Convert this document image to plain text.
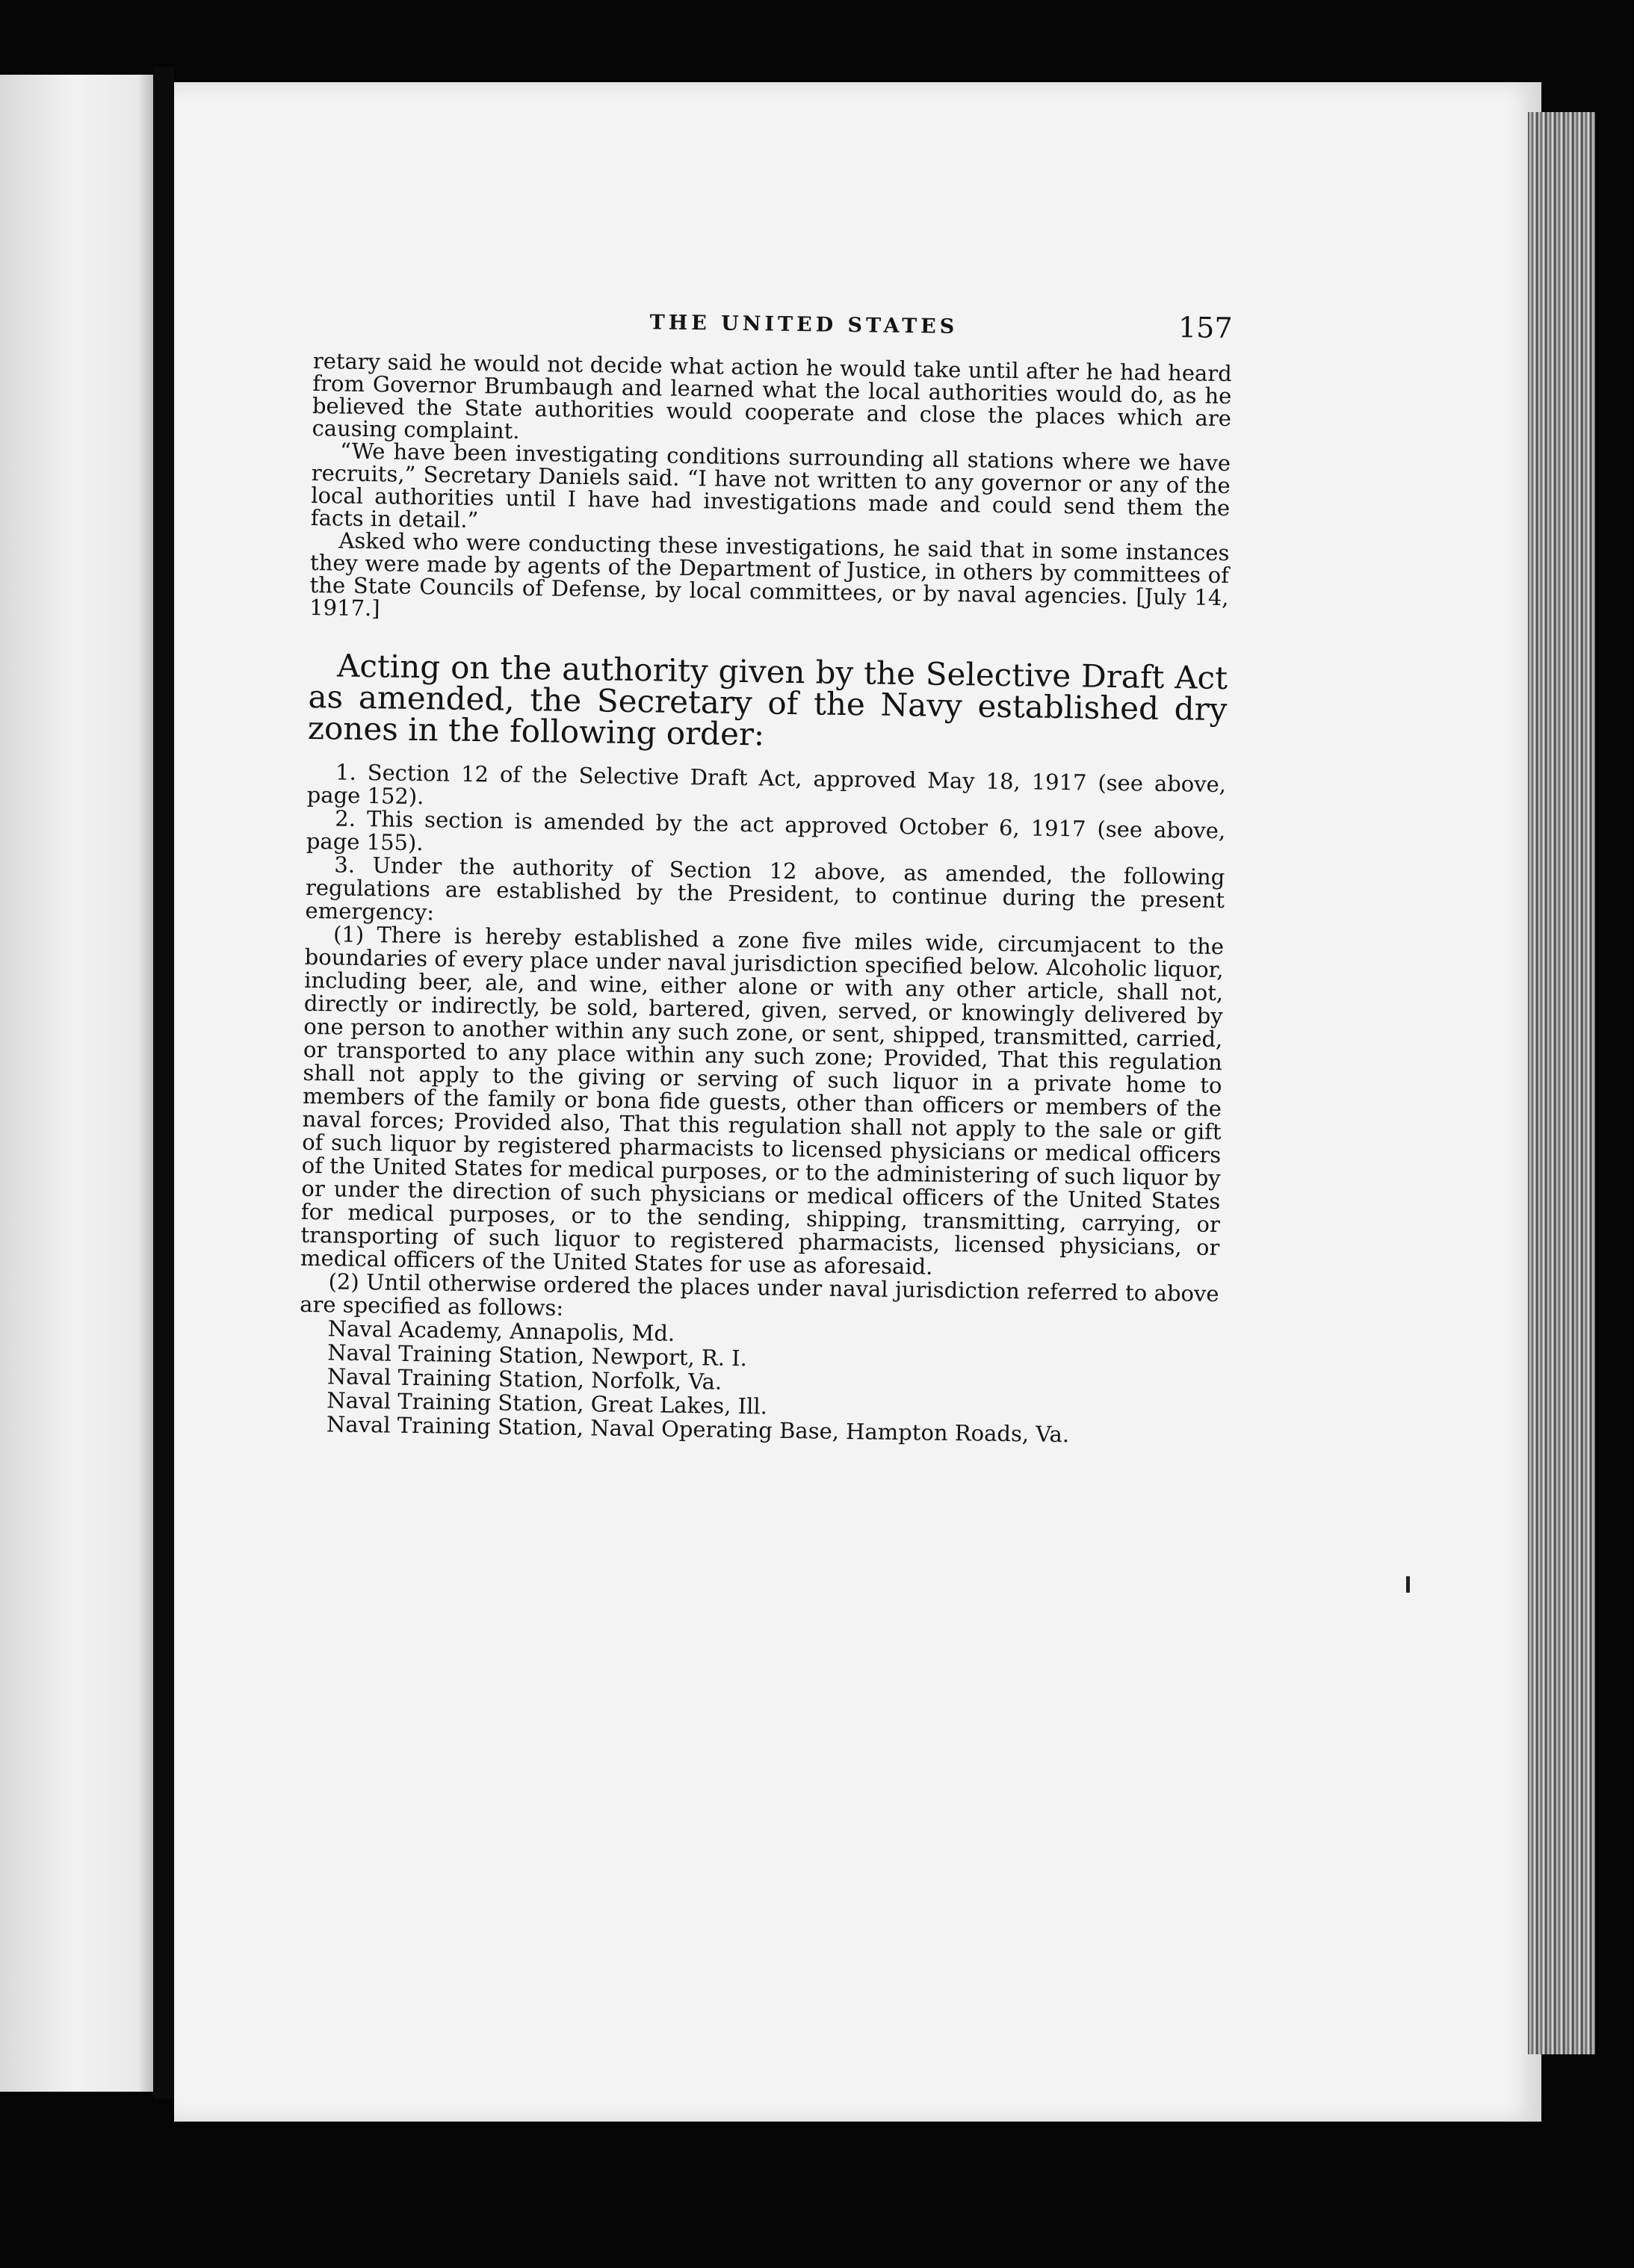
THE UNITED STATES	157

retary said he would not decide what action he would take until after he had heard from Governor Brumbaugh and learned what the local authorities would do, as he believed the State authorities would cooperate and close the places which are causing complaint.

“We have been investigating conditions surrounding all stations where we have recruits,” Secretary Daniels said. “I have not written to any governor or any of the local authorities until I have had investigations made and could send them the facts in detail.”

Asked who were conducting these investigations, he said that in some instances they were made by agents of the Department of Justice, in others by committees of the State Councils of Defense, by local committees, or by naval agencies. [July 14, 1917.]

Acting on the authority given by the Selective Draft Act as amended, the Secretary of the Navy established dry zones in the following order:

1. Section 12 of the Selective Draft Act, approved May 18, 1917 (see above, page 152).

2. This section is amended by the act approved October 6, 1917 (see above, page 155).

3. Under the authority of Section 12 above, as amended, the following regulations are established by the President, to continue during the present emergency:

(1) There is hereby established a zone five miles wide, circumjacent to the boundaries of every place under naval jurisdiction specified below. Alcoholic liquor, including beer, ale, and wine, either alone or with any other article, shall not, directly or indirectly, be sold, bartered, given, served, or knowingly delivered by one person to another within any such zone, or sent, shipped, transmitted, carried, or transported to any place within any such zone; Provided, That this regulation shall not apply to the giving or serving of such liquor in a private home to members of the family or bona fide guests, other than officers or members of the naval forces; Provided also, That this regulation shall not apply to the sale or gift of such liquor by registered pharmacists to licensed physicians or medical officers of the United States for medical purposes, or to the administering of such liquor by or under the direction of such physicians or medical officers of the United States for medical purposes, or to the sending, shipping, transmitting, carrying, or transporting of such liquor to registered pharmacists, licensed physicians, or medical officers of the United States for use as aforesaid.

(2) Until otherwise ordered the places under naval jurisdiction referred to above are specified as follows:

Naval Academy, Annapolis, Md.
Naval Training Station, Newport, R. I.
Naval Training Station, Norfolk, Va.
Naval Training Station, Great Lakes, Ill.
Naval Training Station, Naval Operating Base, Hampton Roads, Va.
